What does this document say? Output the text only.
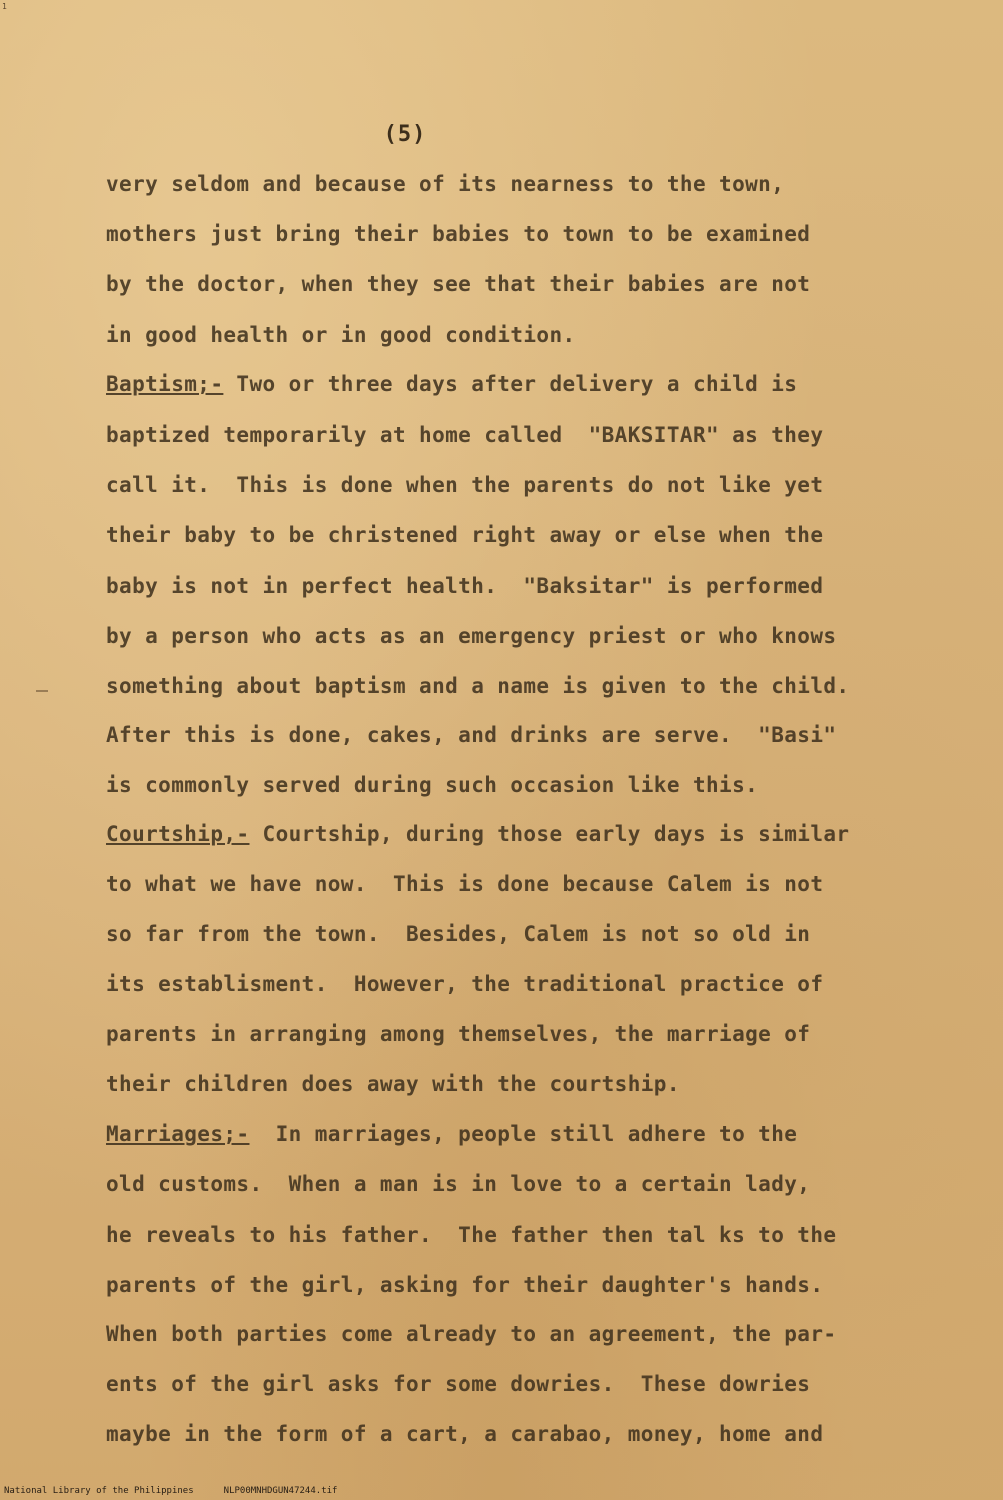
1
(5)
very seldom and because of its nearness to the town,
mothers just bring their babies to town to be examined
by the doctor, when they see that their babies are not
in good health or in good condition.
Baptism;- Two or three days after delivery a child is
baptized temporarily at home called  "BAKSITAR" as they
call it.  This is done when the parents do not like yet
their baby to be christened right away or else when the
baby is not in perfect health.  "Baksitar" is performed
by a person who acts as an emergency priest or who knows
something about baptism and a name is given to the child.
After this is done, cakes, and drinks are serve.  "Basi"
is commonly served during such occasion like this.
Courtship,- Courtship, during those early days is similar
to what we have now.  This is done because Calem is not
so far from the town.  Besides, Calem is not so old in
its establisment.  However, the traditional practice of
parents in arranging among themselves, the marriage of
their children does away with the courtship.
Marriages;-  In marriages, people still adhere to the
old customs.  When a man is in love to a certain lady,
he reveals to his father.  The father then tal ks to the
parents of the girl, asking for their daughter's hands.
When both parties come already to an agreement, the par-
ents of the girl asks for some dowries.  These dowries
maybe in the form of a cart, a carabao, money, home and
National Library of the Philippines	NLP00MNHDGUN47244.tif
